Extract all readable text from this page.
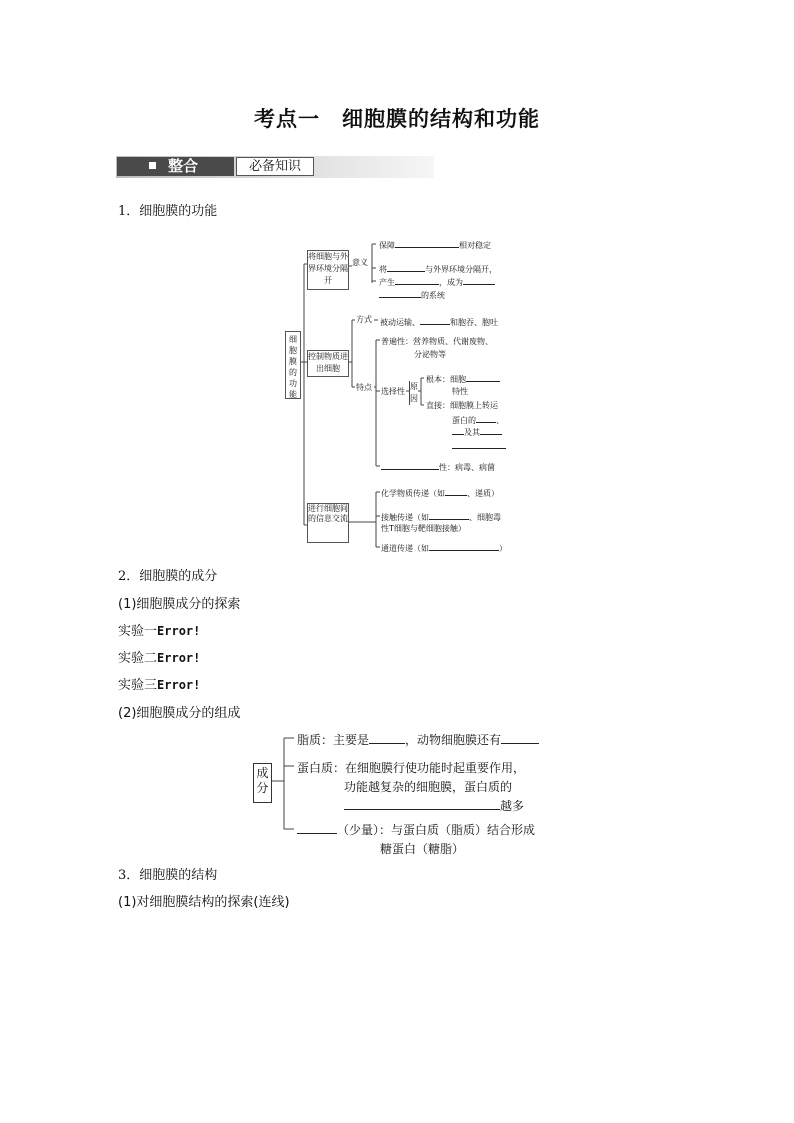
考点一　细胞膜的结构和功能
整合	必备知识
1．细胞膜的功能
细胞膜的功能
将细胞与外界环境分隔开
意义
保障	相对稳定
将	与外界环境分隔开，
产生	，成为
的系统
控制物质进出细胞
方式 被动运输、	和胞吞、胞吐
特点
普遍性：营养物质、代谢废物、
分泌物等
选择性
原因
根本：细胞
特性
直接：细胞膜上转运
蛋白的	、
及其
性：病毒、病菌
进行细胞间的信息交流
化学物质传递（如	、递质）
接触传递（如	、细胞毒
性T细胞与靶细胞接触）
通道传递（如	）
2．细胞膜的成分
(1)细胞膜成分的探索
实验一Error!
实验二Error!
实验三Error!
(2)细胞膜成分的组成
成分
脂质：主要是	，动物细胞膜还有
蛋白质：在细胞膜行使功能时起重要作用，
功能越复杂的细胞膜，蛋白质的
越多
（少量）：与蛋白质（脂质）结合形成
糖蛋白（糖脂）
3．细胞膜的结构
(1)对细胞膜结构的探索(连线)
